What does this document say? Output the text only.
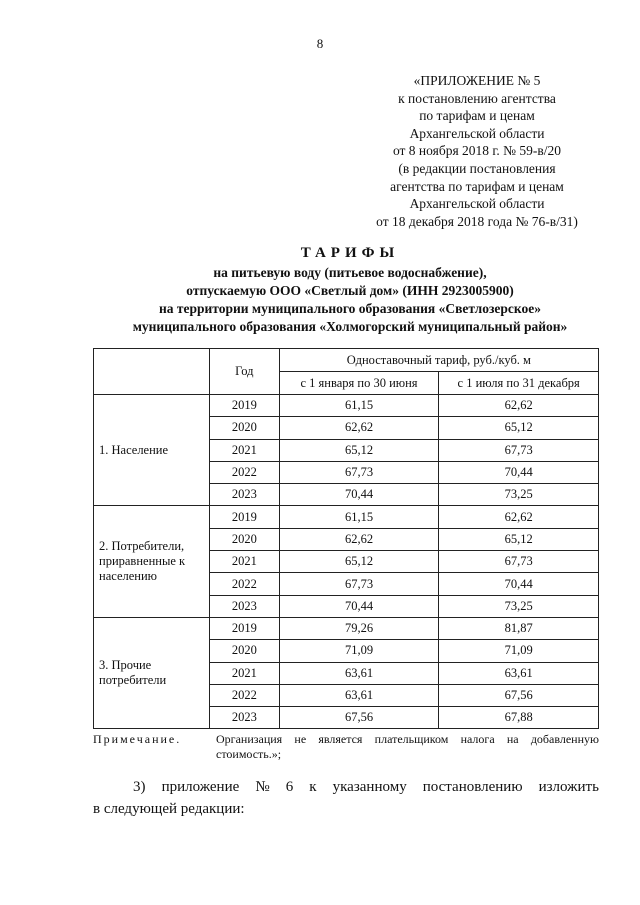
8
«ПРИЛОЖЕНИЕ № 5
к постановлению агентства
по тарифам и ценам
Архангельской области
от 8 ноября 2018 г. № 59-в/20
(в редакции постановления
агентства по тарифам и ценам
Архангельской области
от 18 декабря 2018 года № 76-в/31)
ТАРИФЫ
на питьевую воду (питьевое водоснабжение),
отпускаемую ООО «Светлый дом» (ИНН 2923005900)
на территории муниципального образования «Светлозерское»
муниципального образования «Холмогорский муниципальный район»
	Год	Одноставочный тариф, руб./куб. м	
		с 1 января по 30 июня	с 1 июля по 31 декабря
1. Население	2019	61,15	62,62
	2020	62,62	65,12
	2021	65,12	67,73
	2022	67,73	70,44
	2023	70,44	73,25
2. Потребители, приравненные к населению	2019	61,15	62,62
	2020	62,62	65,12
	2021	65,12	67,73
	2022	67,73	70,44
	2023	70,44	73,25
3. Прочие потребители	2019	79,26	81,87
	2020	71,09	71,09
	2021	63,61	63,61
	2022	63,61	67,56
	2023	67,56	67,88
Примечание.	Организация не является плательщиком налога на добавленную стоимость.»;
3) приложение № 6 к указанному постановлению изложить
в следующей редакции:
